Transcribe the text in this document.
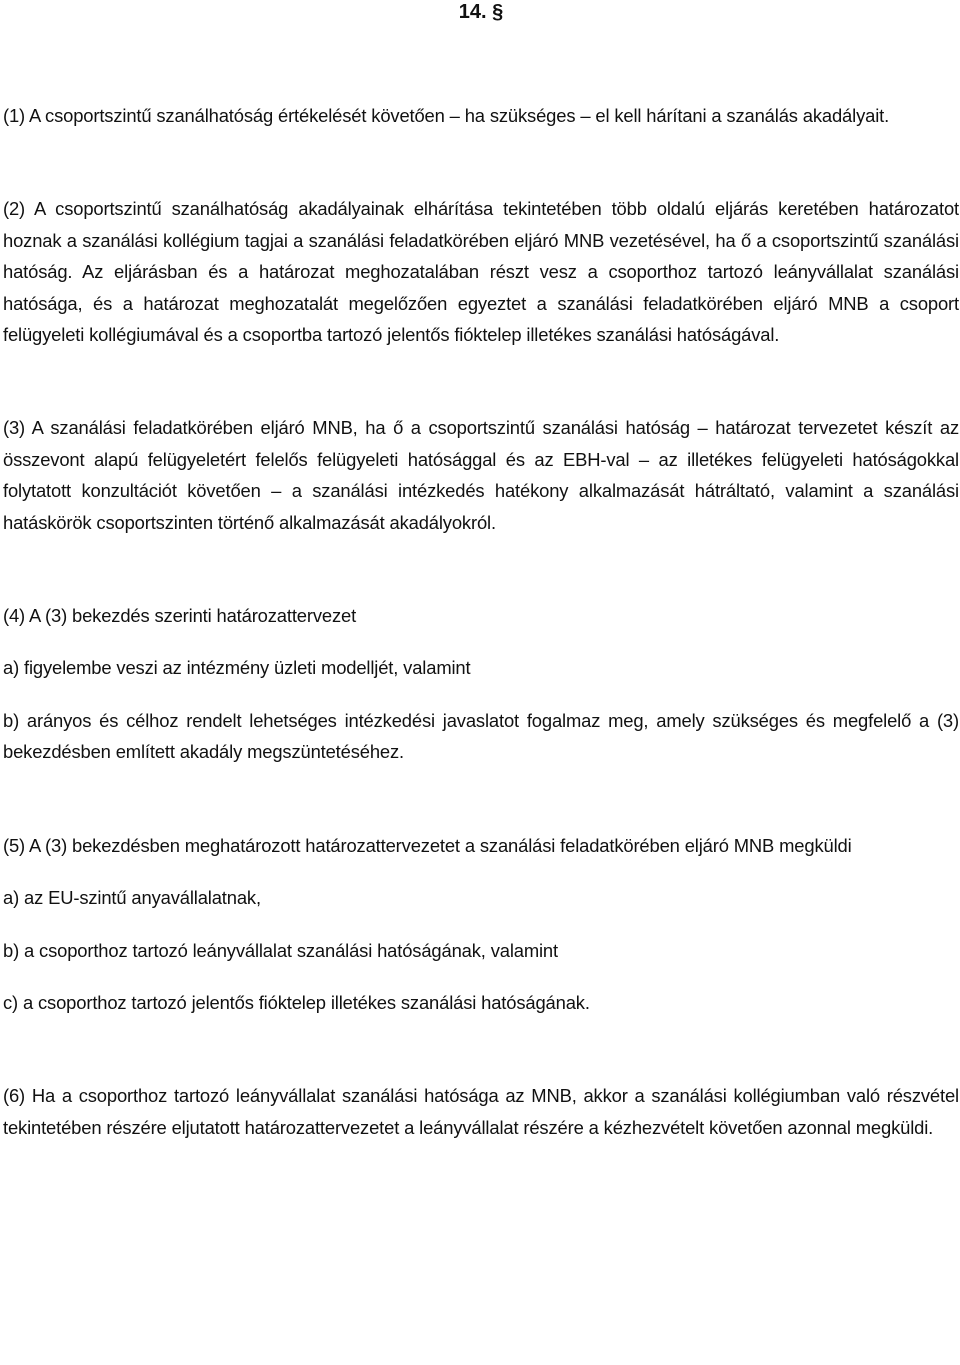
14. §

(1) A csoportszintű szanálhatóság értékelését követően – ha szükséges – el kell hárítani a szanálás akadályait.

(2) A csoportszintű szanálhatóság akadályainak elhárítása tekintetében több oldalú eljárás keretében határozatot hoznak a szanálási kollégium tagjai a szanálási feladatkörében eljáró MNB vezetésével, ha ő a csoportszintű szanálási hatóság. Az eljárásban és a határozat meghozatalában részt vesz a csoporthoz tartozó leányvállalat szanálási hatósága, és a határozat meghozatalát megelőzően egyeztet a szanálási feladatkörében eljáró MNB a csoport felügyeleti kollégiumával és a csoportba tartozó jelentős fióktelep illetékes szanálási hatóságával.

(3) A szanálási feladatkörében eljáró MNB, ha ő a csoportszintű szanálási hatóság – határozat tervezetet készít az összevont alapú felügyeletért felelős felügyeleti hatósággal és az EBH-val – az illetékes felügyeleti hatóságokkal folytatott konzultációt követően – a szanálási intézkedés hatékony alkalmazását hátráltató, valamint a szanálási hatáskörök csoportszinten történő alkalmazását akadályokról.

(4) A (3) bekezdés szerinti határozattervezet

a) figyelembe veszi az intézmény üzleti modelljét, valamint

b) arányos és célhoz rendelt lehetséges intézkedési javaslatot fogalmaz meg, amely szükséges és megfelelő a (3) bekezdésben említett akadály megszüntetéséhez.

(5) A (3) bekezdésben meghatározott határozattervezetet a szanálási feladatkörében eljáró MNB megküldi

a) az EU-szintű anyavállalatnak,

b) a csoporthoz tartozó leányvállalat szanálási hatóságának, valamint

c) a csoporthoz tartozó jelentős fióktelep illetékes szanálási hatóságának.

(6) Ha a csoporthoz tartozó leányvállalat szanálási hatósága az MNB, akkor a szanálási kollégiumban való részvétel tekintetében részére eljutatott határozattervezetet a leányvállalat részére a kézhezvételt követően azonnal megküldi.
